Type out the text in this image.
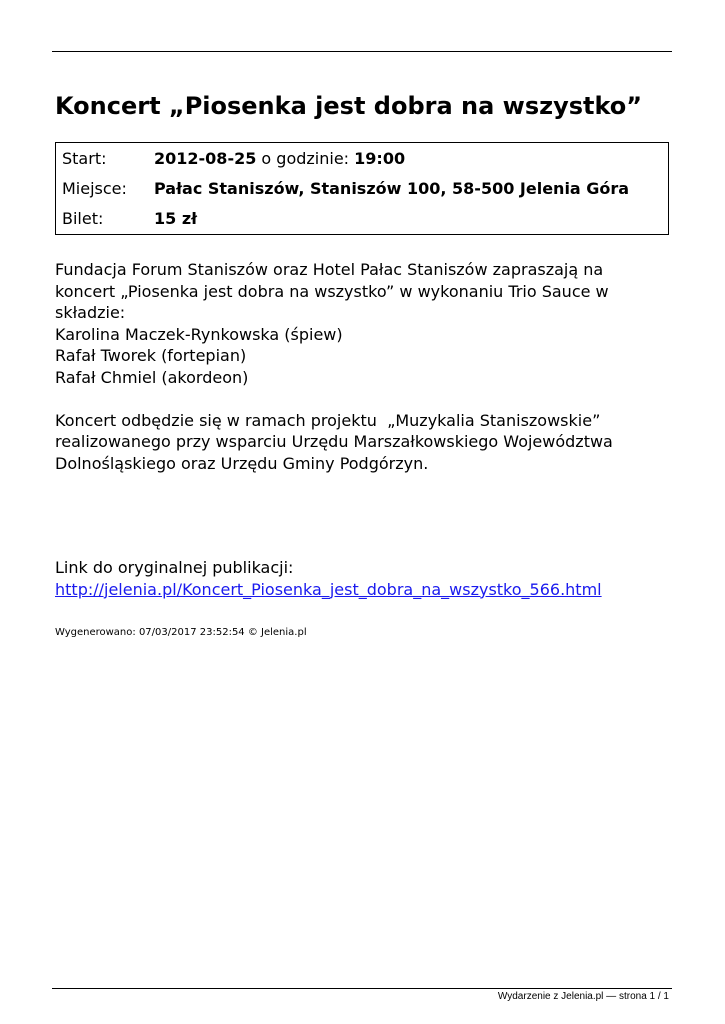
Koncert „Piosenka jest dobra na wszystko”
Start:	2012-08-25 o godzinie: 19:00
Miejsce: Pałac Staniszów, Staniszów 100, 58-500 Jelenia Góra
Bilet:	15 zł

Fundacja Forum Staniszów oraz Hotel Pałac Staniszów zapraszają na

koncert „Piosenka jest dobra na wszystko” w wykonaniu Trio Sauce w

składzie:

Karolina Maczek-Rynkowska (śpiew)

Rafał Tworek (fortepian)

Rafał Chmiel (akordeon)

Koncert odbędzie się w ramach projektu  „Muzykalia Staniszowskie”

realizowanego przy wsparciu Urzędu Marszałkowskiego Województwa

Dolnośląskiego oraz Urzędu Gminy Podgórzyn.

Link do oryginalnej publikacji:
http://jelenia.pl/Koncert_Piosenka_jest_dobra_na_wszystko_566.html
Wygenerowano: 07/03/2017 23:52:54 © Jelenia.pl
Wydarzenie z Jelenia.pl — strona 1 / 1
